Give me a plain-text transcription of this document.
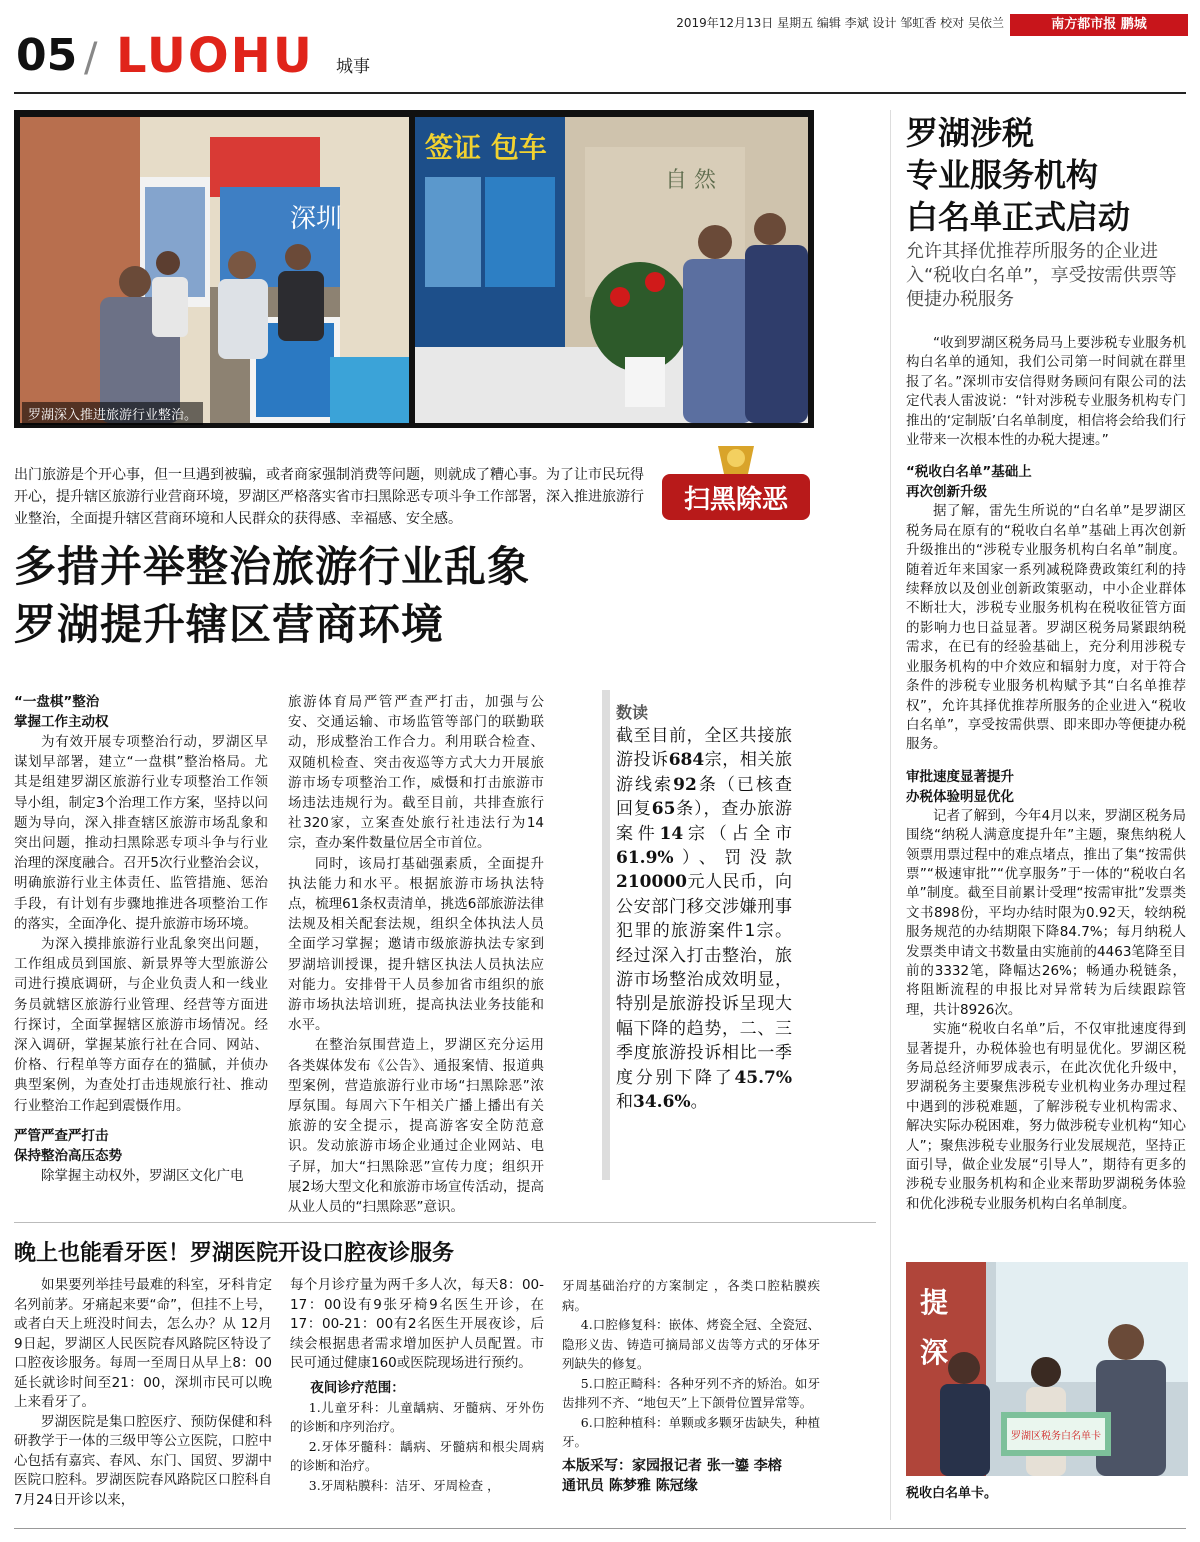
2019年12月13日 星期五 编辑 李斌 设计 邹虹香 校对 吴依兰	南方都市报 鹏城
05 / LUOHU 城事
深圳
签证 包车
自 然
罗湖深入推进旅游行业整治。
出门旅游是个开心事，但一旦遇到被骗，或者商家强制消费等问题，则就成了糟心事。为了让市民玩得开心，提升辖区旅游行业营商环境，罗湖区严格落实省市扫黑除恶专项斗争工作部署，深入推进旅游行业整治，全面提升辖区营商环境和人民群众的获得感、幸福感、安全感。
扫黑除恶
多措并举整治旅游行业乱象
罗湖提升辖区营商环境
“一盘棋”整治
掌握工作主动权

为有效开展专项整治行动，罗湖区早谋划早部署，建立“一盘棋”整治格局。尤其是组建罗湖区旅游行业专项整治工作领导小组，制定3个治理工作方案，坚持以问题为导向，深入排查辖区旅游市场乱象和突出问题，推动扫黑除恶专项斗争与行业治理的深度融合。召开5次行业整治会议，明确旅游行业主体责任、监管措施、惩治手段，有计划有步骤地推进各项整治工作的落实，全面净化、提升旅游市场环境。

为深入摸排旅游行业乱象突出问题，工作组成员到国旅、新景界等大型旅游公司进行摸底调研，与企业负责人和一线业务员就辖区旅游行业管理、经营等方面进行探讨，全面掌握辖区旅游市场情况。经深入调研，掌握某旅行社在合同、网站、价格、行程单等方面存在的猫腻，并侦办典型案例，为查处打击违规旅行社、推动行业整治工作起到震慑作用。

严管严查严打击
保持整治高压态势

除掌握主动权外，罗湖区文化广电

旅游体育局严管严查严打击，加强与公安、交通运输、市场监管等部门的联勤联动，形成整治工作合力。利用联合检查、双随机检查、突击夜巡等方式大力开展旅游市场专项整治工作，威慑和打击旅游市场违法违规行为。截至目前，共排查旅行社320家，立案查处旅行社违法行为14宗，查办案件数量位居全市首位。

同时，该局打基础强素质，全面提升执法能力和水平。根据旅游市场执法特点，梳理61条权责清单，挑选6部旅游法律法规及相关配套法规，组织全体执法人员全面学习掌握；邀请市级旅游执法专家到罗湖培训授课，提升辖区执法人员执法应对能力。安排骨干人员参加省市组织的旅游市场执法培训班，提高执法业务技能和水平。

在整治氛围营造上，罗湖区充分运用各类媒体发布《公告》、通报案情、报道典型案例，营造旅游行业市场“扫黑除恶”浓厚氛围。每周六下午相关广播上播出有关旅游的安全提示，提高游客安全防范意识。发动旅游市场企业通过企业网站、电子屏，加大“扫黑除恶”宣传力度；组织开展2场大型文化和旅游市场宣传活动，提高从业人员的“扫黑除恶”意识。

数读
截至目前，全区共接旅游投诉684宗，相关旅游线索92条（已核查回复65条），查办旅游案件14宗（占全市61.9%）、罚没款210000元人民币，向公安部门移交涉嫌刑事犯罪的旅游案件1宗。经过深入打击整治，旅游市场整治成效明显，特别是旅游投诉呈现大幅下降的趋势，二、三季度旅游投诉相比一季度分别下降了45.7%和34.6%。
晚上也能看牙医！罗湖医院开设口腔夜诊服务

如果要列举挂号最难的科室，牙科肯定名列前茅。牙痛起来要“命”，但挂不上号，或者白天上班没时间去，怎么办？从 12月9日起，罗湖区人民医院春风路院区特设了口腔夜诊服务。每周一至周日从早上8：00延长就诊时间至21：00，深圳市民可以晚上来看牙了。

罗湖医院是集口腔医疗、预防保健和科研教学于一体的三级甲等公立医院，口腔中心包括有嘉宾、春风、东门、国贸、罗湖中医院口腔科。罗湖医院春风路院区口腔科自7月24日开诊以来，

每个月诊疗量为两千多人次，每天8：00-17：00设有9张牙椅9名医生开诊，在17：00-21：00有2名医生开展夜诊，后续会根据患者需求增加医护人员配置。市民可通过健康160或医院现场进行预约。

夜间诊疗范围：

1.儿童牙科：儿童龋病、牙髓病、牙外伤的诊断和序列治疗。

2.牙体牙髓科：龋病、牙髓病和根尖周病的诊断和治疗。

3.牙周粘膜科：洁牙、牙周检查 ，

牙周基础治疗的方案制定 ，各类口腔粘膜疾病。

4.口腔修复科：嵌体、烤瓷全冠、全瓷冠、隐形义齿、铸造可摘局部义齿等方式的牙体牙列缺失的修复。

5.口腔正畸科：各种牙列不齐的矫治。如牙齿排列不齐、“地包天”上下颌骨位置异常等。

6.口腔种植科：单颗或多颗牙齿缺失，种植牙。

本版采写：家园报记者 张一鎏 李榕
通讯员 陈梦雅 陈冠缘
罗湖涉税
专业服务机构
白名单正式启动
允许其择优推荐所服务的企业进入“税收白名单”，享受按需供票等便捷办税服务

“收到罗湖区税务局马上要涉税专业服务机构白名单的通知，我们公司第一时间就在群里报了名。”深圳市安信得财务顾问有限公司的法定代表人雷波说：“针对涉税专业服务机构专门推出的‘定制版’白名单制度，相信将会给我们行业带来一次根本性的办税大提速。”

“税收白名单”基础上
再次创新升级

据了解，雷先生所说的“白名单”是罗湖区税务局在原有的“税收白名单”基础上再次创新升级推出的“涉税专业服务机构白名单”制度。随着近年来国家一系列减税降费政策红利的持续释放以及创业创新政策驱动，中小企业群体不断壮大，涉税专业服务机构在税收征管方面的影响力也日益显著。罗湖区税务局紧跟纳税需求，在已有的经验基础上，充分利用涉税专业服务机构的中介效应和辐射力度，对于符合条件的涉税专业服务机构赋予其“白名单推荐权”，允许其择优推荐所服务的企业进入“税收白名单”，享受按需供票、即来即办等便捷办税服务。

审批速度显著提升
办税体验明显优化

记者了解到，今年4月以来，罗湖区税务局围绕“纳税人满意度提升年”主题，聚焦纳税人领票用票过程中的难点堵点，推出了集“按需供票”“极速审批”“优享服务”于一体的“税收白名单”制度。截至目前累计受理“按需审批”发票类文书898份，平均办结时限为0.92天，较纳税服务规范的办结期限下降84.7%；每月纳税人发票类申请文书数量由实施前的4463笔降至目前的3332笔，降幅达26%；畅通办税链条，将阻断流程的申报比对异常转为后续跟踪管理，共计8926次。

实施“税收白名单”后，不仅审批速度得到显著提升，办税体验也有明显优化。罗湖区税务局总经济师罗成表示，在此次优化升级中，罗湖税务主要聚焦涉税专业机构业务办理过程中遇到的涉税难题，了解涉税专业机构需求、解决实际办税困难，努力做涉税专业机构“知心人”；聚焦涉税专业服务行业发展规范，坚持正面引导，做企业发展“引导人”，期待有更多的涉税专业服务机构和企业来帮助罗湖税务体验和优化涉税专业服务机构白名单制度。

提
深
罗湖区税务白名单卡
税收白名单卡。
